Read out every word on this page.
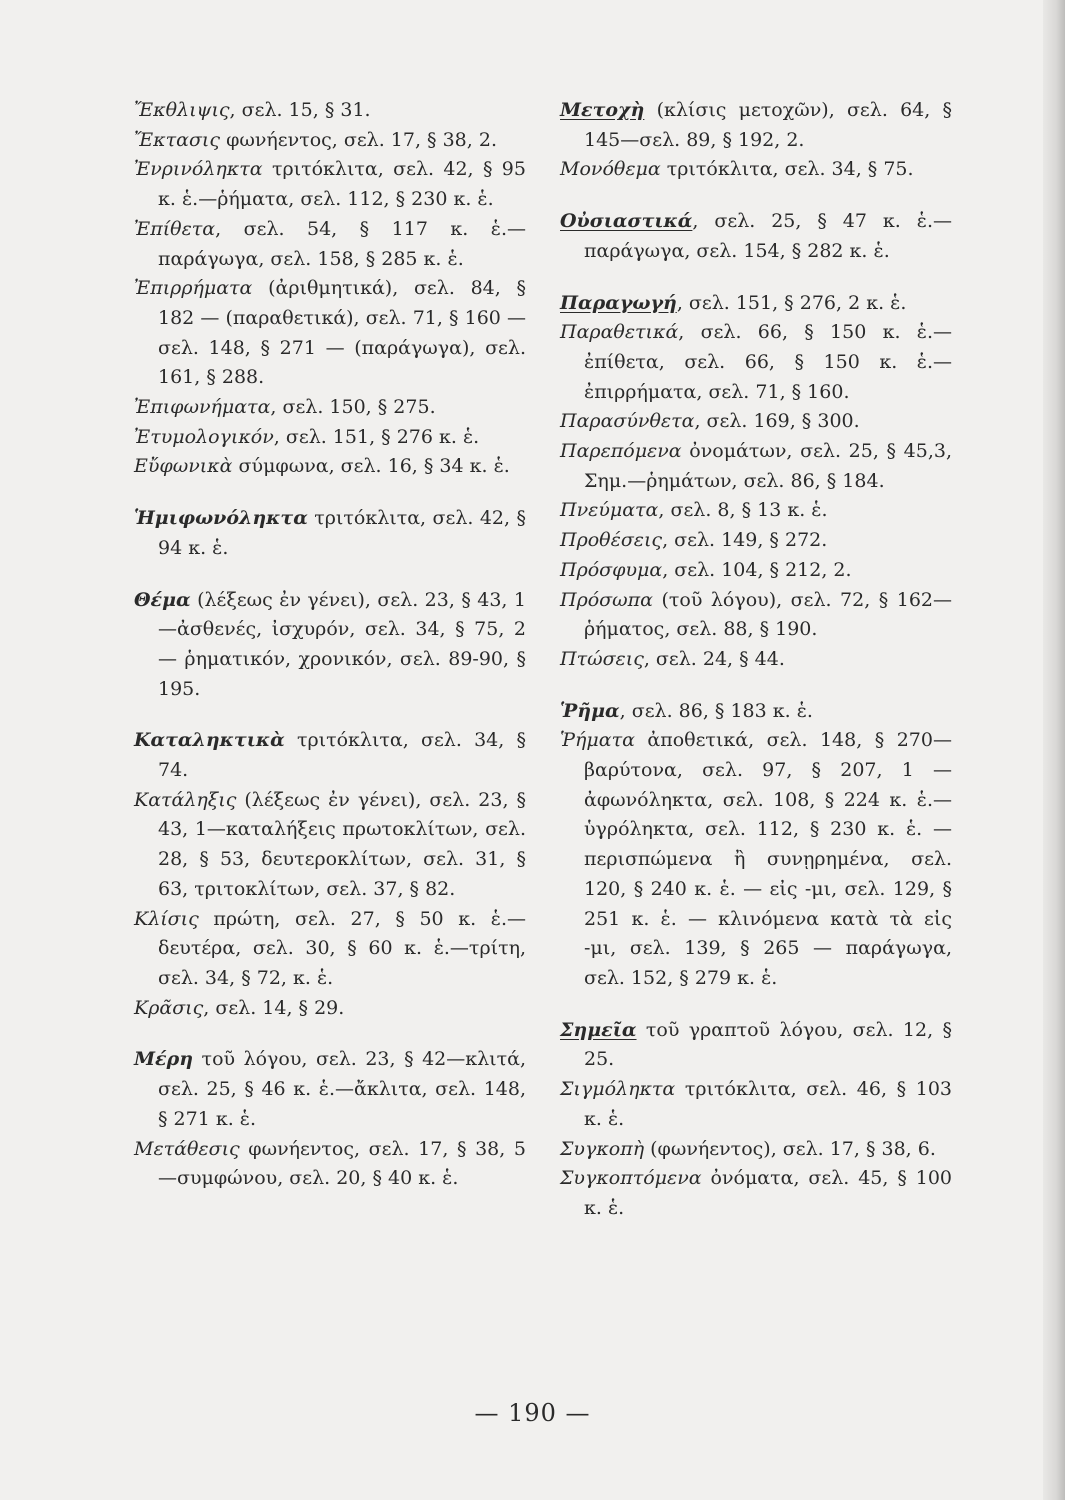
Ἔκθλιψις, σελ. 15, § 31.
Ἔκτασις φωνήεντος, σελ. 17, § 38, 2.
Ἐνρινόληκτα τριτόκλιτα, σελ. 42, § 95 κ. ἑ.—ῥήματα, σελ. 112, § 230 κ. ἑ.
Ἐπίθετα, σελ. 54, § 117 κ. ἑ.— παράγωγα, σελ. 158, § 285 κ. ἑ.
Ἐπιρρήματα (ἀριθμητικά), σελ. 84, § 182 — (παραθετικά), σελ. 71, § 160 — σελ. 148, § 271 — (παράγωγα), σελ. 161, § 288.
Ἐπιφωνήματα, σελ. 150, § 275.
Ἐτυμολογικόν, σελ. 151, § 276 κ. ἑ.
Εὔφωνικὰ σύμφωνα, σελ. 16, § 34 κ. ἑ.
Ἡμιφωνόληκτα τριτόκλιτα, σελ. 42, § 94 κ. ἑ.
Θέμα (λέξεως ἐν γένει), σελ. 23, § 43, 1—ἀσθενές, ἰσχυρόν, σελ. 34, § 75, 2 — ῥηματικόν, χρονικόν, σελ. 89-90, § 195.
Καταληκτικὰ τριτόκλιτα, σελ. 34, § 74.
Κατάληξις (λέξεως ἐν γένει), σελ. 23, § 43, 1—καταλήξεις πρωτοκλίτων, σελ. 28, § 53, δευτεροκλίτων, σελ. 31, § 63, τριτοκλίτων, σελ. 37, § 82.
Κλίσις πρώτη, σελ. 27, § 50 κ. ἑ.—δευτέρα, σελ. 30, § 60 κ. ἑ.—τρίτη, σελ. 34, § 72, κ. ἑ.
Κρᾶσις, σελ. 14, § 29.
Μέρη τοῦ λόγου, σελ. 23, § 42—κλιτά, σελ. 25, § 46 κ. ἑ.—ἄκλιτα, σελ. 148, § 271 κ. ἑ.
Μετάθεσις φωνήεντος, σελ. 17, § 38, 5—συμφώνου, σελ. 20, § 40 κ. ἑ.
Μετοχὴ (κλίσις μετοχῶν), σελ. 64, § 145—σελ. 89, § 192, 2.
Μονόθεμα τριτόκλιτα, σελ. 34, § 75.
Οὐσιαστικά, σελ. 25, § 47 κ. ἑ.—παράγωγα, σελ. 154, § 282 κ. ἑ.
Παραγωγή, σελ. 151, § 276, 2 κ. ἑ.
Παραθετικά, σελ. 66, § 150 κ. ἑ.—ἐπίθετα, σελ. 66, § 150 κ. ἑ.—ἐπιρρήματα, σελ. 71, § 160.
Παρασύνθετα, σελ. 169, § 300.
Παρεπόμενα ὀνομάτων, σελ. 25, § 45,3, Σημ.—ῥημάτων, σελ. 86, § 184.
Πνεύματα, σελ. 8, § 13 κ. ἑ.
Προθέσεις, σελ. 149, § 272.
Πρόσφυμα, σελ. 104, § 212, 2.
Πρόσωπα (τοῦ λόγου), σελ. 72, § 162—ῥήματος, σελ. 88, § 190.
Πτώσεις, σελ. 24, § 44.
Ῥῆμα, σελ. 86, § 183 κ. ἑ.
Ῥήματα ἀποθετικά, σελ. 148, § 270—βαρύτονα, σελ. 97, § 207, 1 — ἀφωνόληκτα, σελ. 108, § 224 κ. ἑ.—ὑγρόληκτα, σελ. 112, § 230 κ. ἑ. — περισπώμενα ἢ συνῃρημένα, σελ. 120, § 240 κ. ἑ. — εἰς -μι, σελ. 129, § 251 κ. ἑ. — κλινόμενα κατὰ τὰ εἰς -μι, σελ. 139, § 265 — παράγωγα, σελ. 152, § 279 κ. ἑ.
Σημεῖα τοῦ γραπτοῦ λόγου, σελ. 12, § 25.
Σιγμόληκτα τριτόκλιτα, σελ. 46, § 103 κ. ἑ.
Συγκοπὴ (φωνήεντος), σελ. 17, § 38, 6.
Συγκοπτόμενα ὀνόματα, σελ. 45, § 100 κ. ἑ.
— 190 —
